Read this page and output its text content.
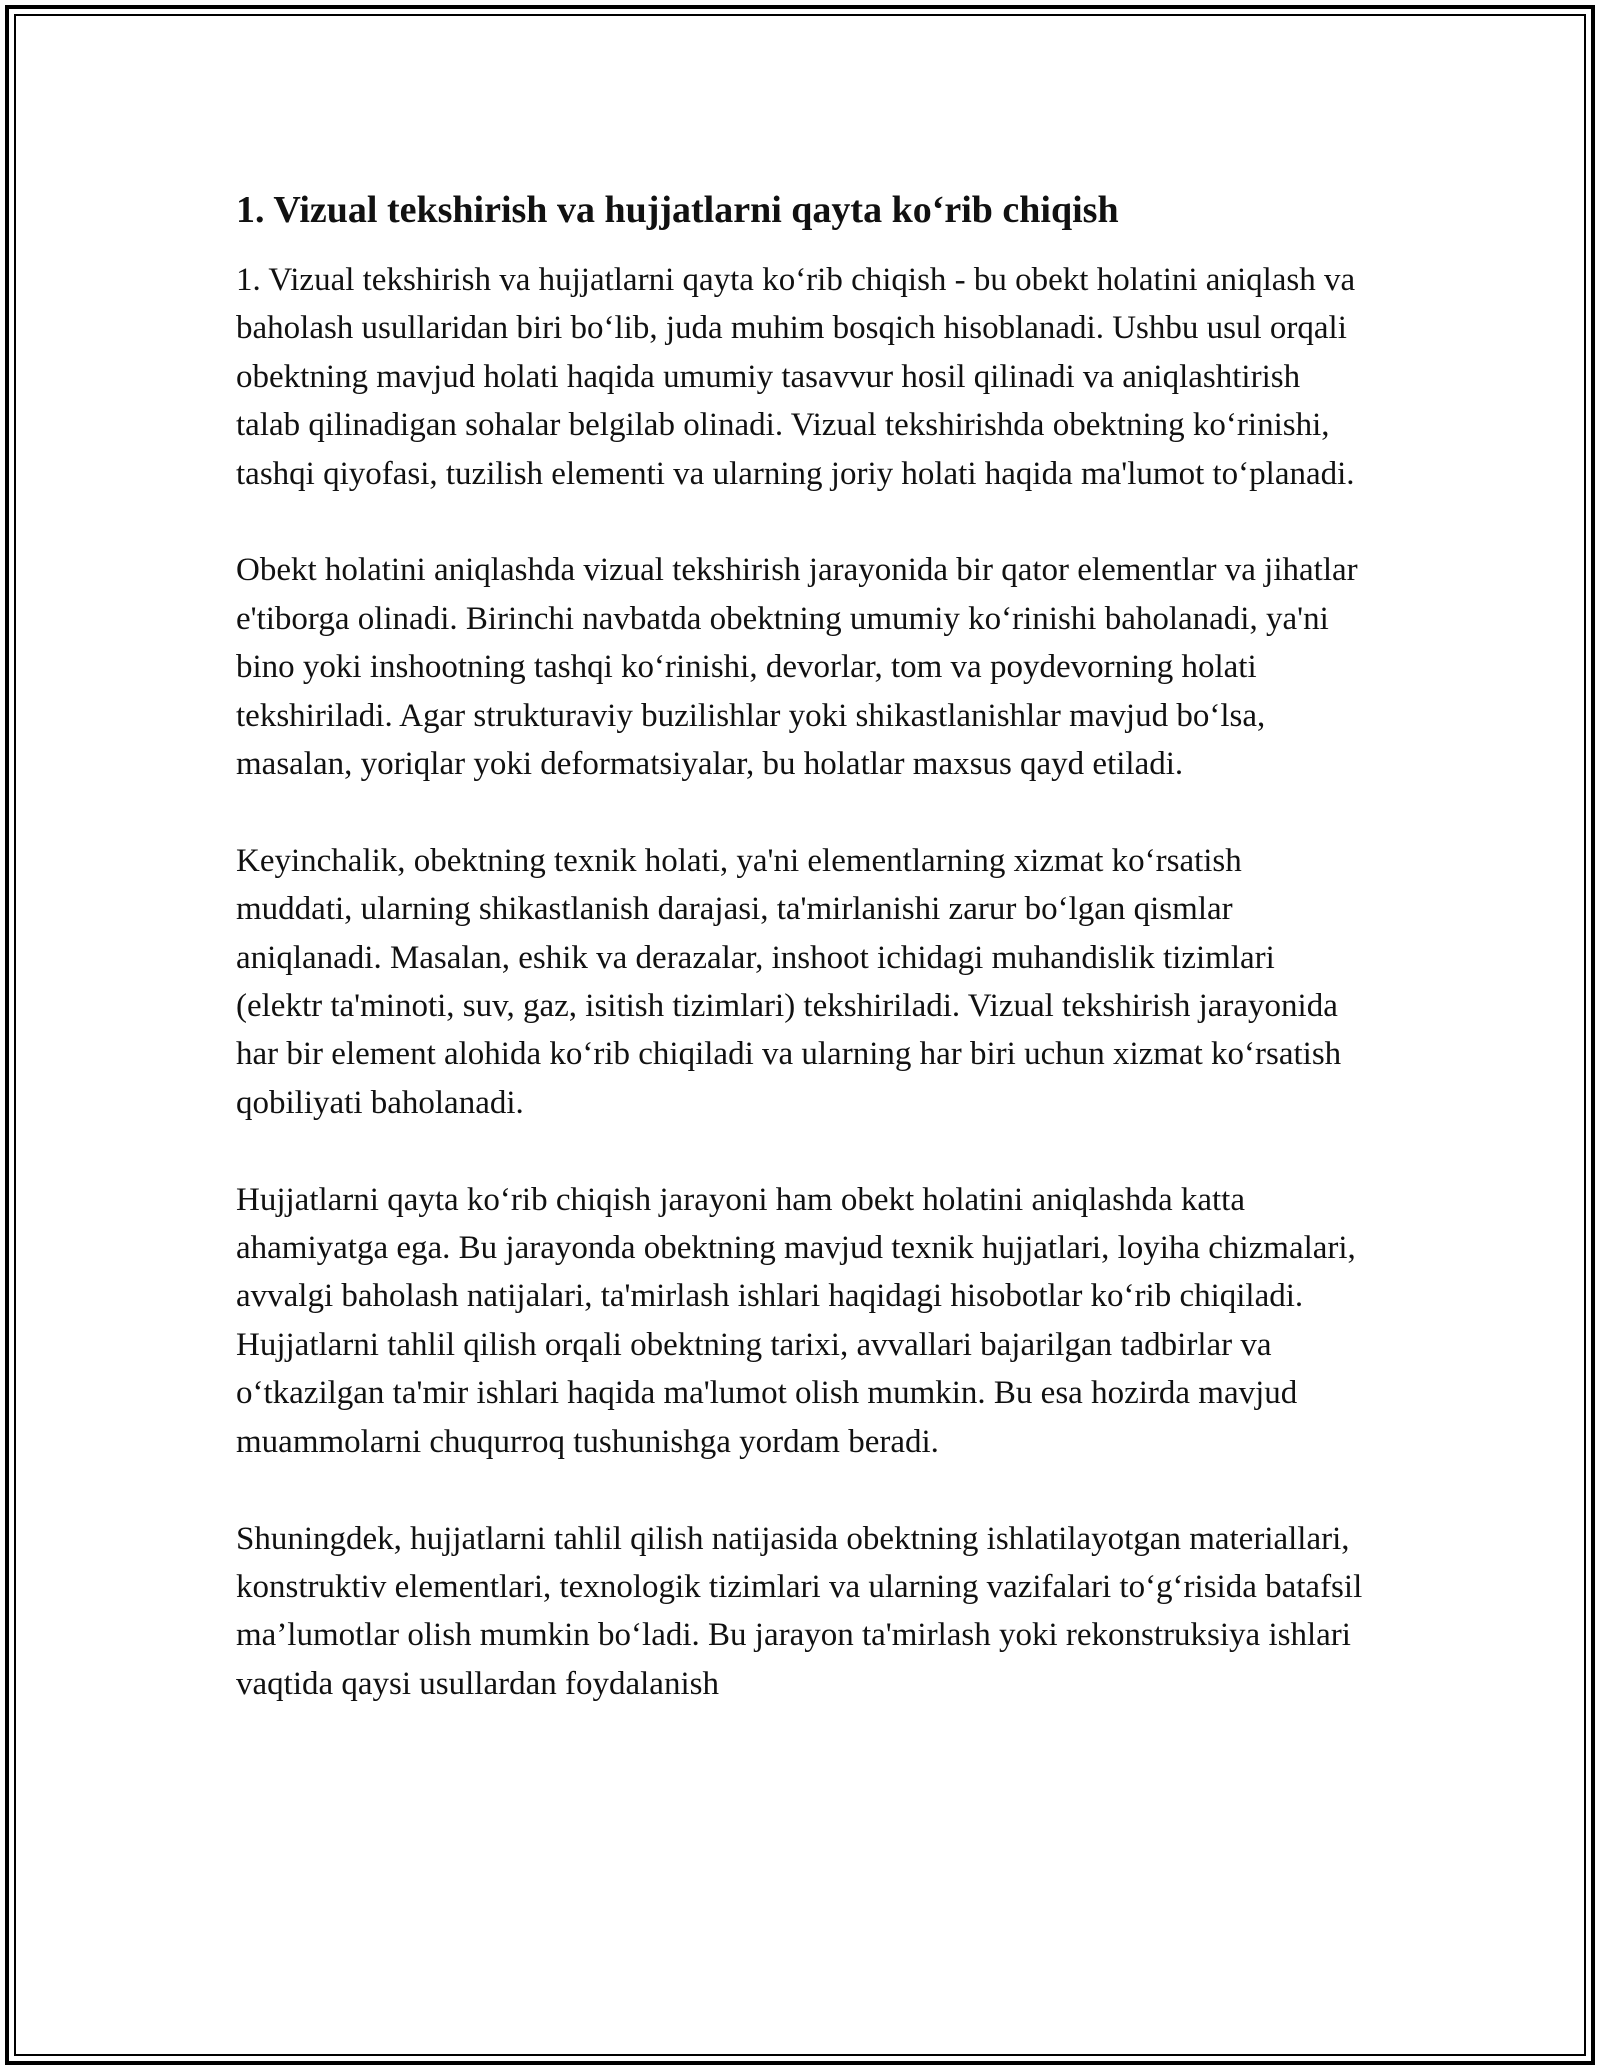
1. Vizual tekshirish va hujjatlarni qayta koʻrib chiqish

1. Vizual tekshirish va hujjatlarni qayta koʻrib chiqish - bu obekt holatini aniqlash va baholash usullaridan biri boʻlib, juda muhim bosqich hisoblanadi. Ushbu usul orqali obektning mavjud holati haqida umumiy tasavvur hosil qilinadi va aniqlashtirish talab qilinadigan sohalar belgilab olinadi. Vizual tekshirishda obektning koʻrinishi, tashqi qiyofasi, tuzilish elementi va ularning joriy holati haqida ma'lumot toʻplanadi.

Obekt holatini aniqlashda vizual tekshirish jarayonida bir qator elementlar va jihatlar e'tiborga olinadi. Birinchi navbatda obektning umumiy koʻrinishi baholanadi, ya'ni bino yoki inshootning tashqi koʻrinishi, devorlar, tom va poydevorning holati tekshiriladi. Agar strukturaviy buzilishlar yoki shikastlanishlar mavjud boʻlsa, masalan, yoriqlar yoki deformatsiyalar, bu holatlar maxsus qayd etiladi.

Keyinchalik, obektning texnik holati, ya'ni elementlarning xizmat koʻrsatish muddati, ularning shikastlanish darajasi, ta'mirlanishi zarur boʻlgan qismlar aniqlanadi. Masalan, eshik va derazalar, inshoot ichidagi muhandislik tizimlari (elektr ta'minoti, suv, gaz, isitish tizimlari) tekshiriladi. Vizual tekshirish jarayonida har bir element alohida koʻrib chiqiladi va ularning har biri uchun xizmat koʻrsatish qobiliyati baholanadi.

Hujjatlarni qayta koʻrib chiqish jarayoni ham obekt holatini aniqlashda katta ahamiyatga ega. Bu jarayonda obektning mavjud texnik hujjatlari, loyiha chizmalari, avvalgi baholash natijalari, ta'mirlash ishlari haqidagi hisobotlar koʻrib chiqiladi. Hujjatlarni tahlil qilish orqali obektning tarixi, avvallari bajarilgan tadbirlar va oʻtkazilgan ta'mir ishlari haqida ma'lumot olish mumkin. Bu esa hozirda mavjud muammolarni chuqurroq tushunishga yordam beradi.

Shuningdek, hujjatlarni tahlil qilish natijasida obektning ishlatilayotgan materiallari, konstruktiv elementlari, texnologik tizimlari va ularning vazifalari toʻgʻrisida batafsil ma’lumotlar olish mumkin boʻladi. Bu jarayon ta'mirlash yoki rekonstruksiya ishlari vaqtida qaysi usullardan foydalanish
